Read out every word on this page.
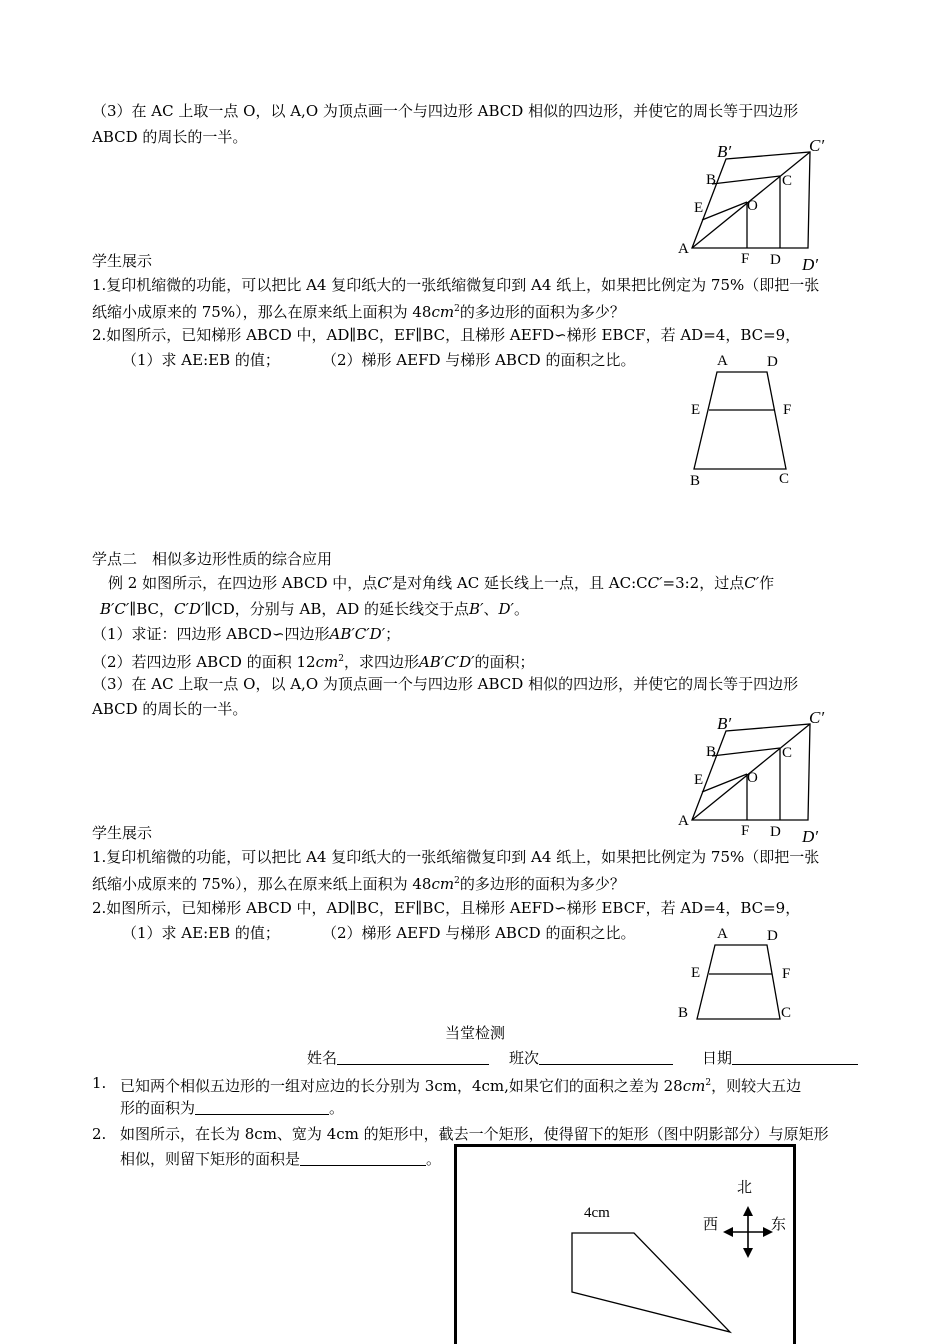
（3）在 AC 上取一点 O，以 A,O 为顶点画一个与四边形 ABCD 相似的四边形，并使它的周长等于四边形
ABCD 的周长的一半。
B′	C′
B	C
E	O
A
F D D′
学生展示
1.复印机缩微的功能，可以把比 A4 复印纸大的一张纸缩微复印到 A4 纸上，如果把比例定为 75%（即把一张
纸缩小成原来的 75%），那么在原来纸上面积为 $48cm^2$的多边形的面积为多少？
2.如图所示，已知梯形 ABCD 中，AD∥BC，EF∥BC，且梯形 AEFD∽梯形 EBCF，若 AD=4，BC=9，
（1）求 AE:EB 的值；	（2）梯形 AEFD 与梯形 ABCD 的面积之比。	A	D
E	F
B	C
学点二　相似多边形性质的综合应用
例 2 如图所示，在四边形 ABCD 中，点C′是对角线 AC 延长线上一点，且 AC:CC′=3:2，过点C′作
B′C′∥BC，C′D′∥CD，分别与 AB，AD 的延长线交于点B′、D′。
（1）求证：四边形 ABCD∽四边形AB′C′D′；
（2）若四边形 ABCD 的面积 $12cm^2$，求四边形AB′C′D′的面积；
（3）在 AC 上取一点 O，以 A,O 为顶点画一个与四边形 ABCD 相似的四边形，并使它的周长等于四边形
ABCD 的周长的一半。
B′	C′
B	C
E	O
A
F D D′
学生展示
1.复印机缩微的功能，可以把比 A4 复印纸大的一张纸缩微复印到 A4 纸上，如果把比例定为 75%（即把一张
纸缩小成原来的 75%），那么在原来纸上面积为 $48cm^2$的多边形的面积为多少？
2.如图所示，已知梯形 ABCD 中，AD∥BC，EF∥BC，且梯形 AEFD∽梯形 EBCF，若 AD=4，BC=9，
（1）求 AE:EB 的值；	（2）梯形 AEFD 与梯形 ABCD 的面积之比。	A	D
E	F
B	C
当堂检测
姓名	班次	日期
1. 已知两个相似五边形的一组对应边的长分别为 3cm，4cm,如果它们的面积之差为 $28cm^2$，则较大五边
形的面积为	。
2. 如图所示，在长为 8cm、宽为 4cm 的矩形中，截去一个矩形，使得留下的矩形（图中阴影部分）与原矩形
相似，则留下矩形的面积是	。
4cm
北
西	东
